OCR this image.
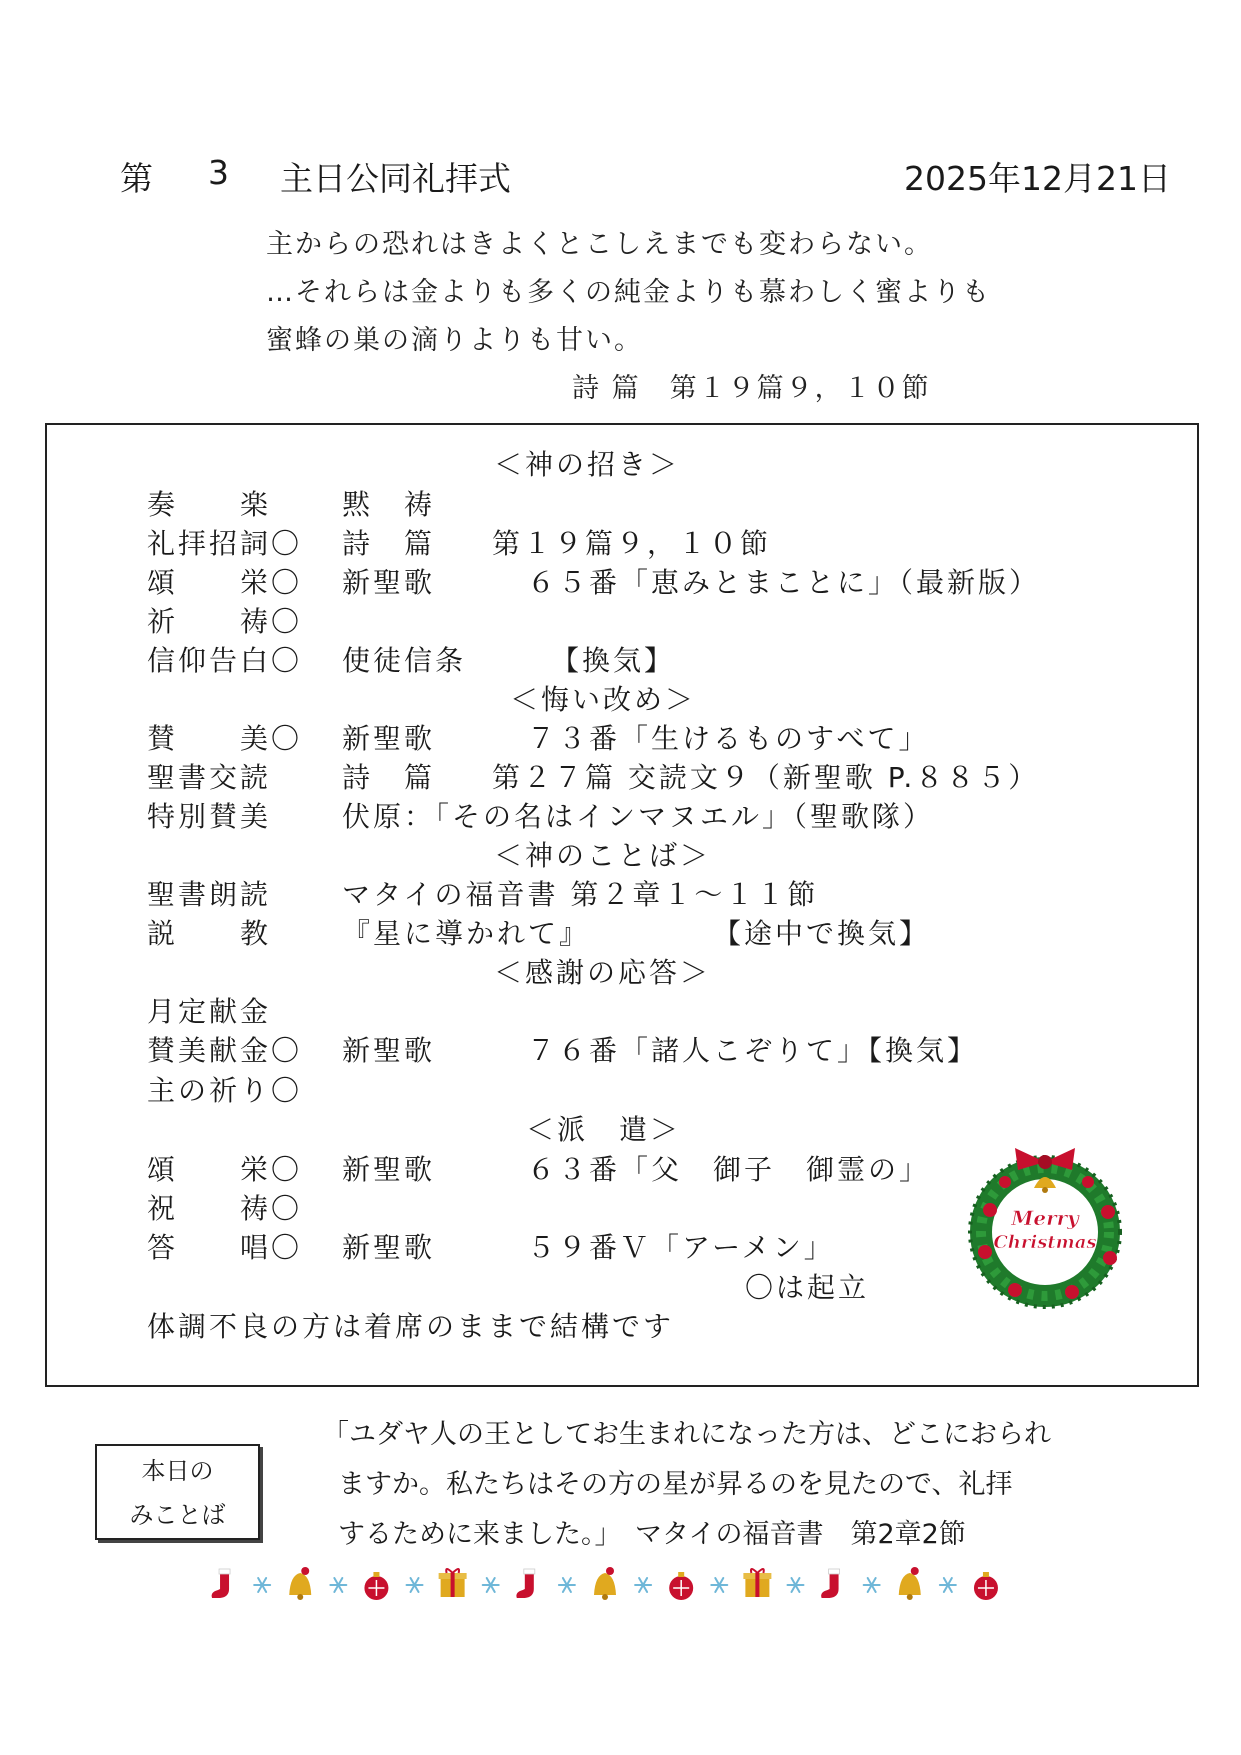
第 3 主日公同礼拝式	2025年12月21日
主からの恐れはきよくとこしえまでも変わらない。
…それらは金よりも多くの純金よりも慕わしく蜜よりも
蜜蜂の巣の滴りよりも甘い。
詩 篇　第１９篇９，１０節
＜神の招き＞
奏　　楽	黙　祷
礼拝招詞〇 詩　篇 第１９篇９，１０節
頌　　栄〇 新聖歌	６５番「恵みとまことに」（最新版）
祈　　祷〇
信仰告白〇 使徒信条	【換気】
＜悔い改め＞
賛　　美〇 新聖歌	７３番「生けるものすべて」
聖書交読	詩　篇 第２７篇 交読文９（新聖歌 P.８８５）
特別賛美	伏原：「その名はインマヌエル」（聖歌隊）
＜神のことば＞
聖書朗読	マタイの福音書 第２章１～１１節
説　　教	『星に導かれて』	【途中で換気】
＜感謝の応答＞
月定献金
賛美献金〇 新聖歌	７６番「諸人こぞりて」【換気】
主の祈り〇
＜派　遣＞
頌　　栄〇 新聖歌	６３番「父　御子　御霊の」
祝　　祷〇
答　　唱〇 新聖歌	５９番Ｖ「アーメン」
〇は起立
体調不良の方は着席のままで結構です
Merry
Christmas
本日の
みことば
「ユダヤ人の王としてお生まれになった方は、どこにおられ
ますか。私たちはその方の星が昇るのを見たので、礼拝
するために来ました。」　マタイの福音書　第2章2節
